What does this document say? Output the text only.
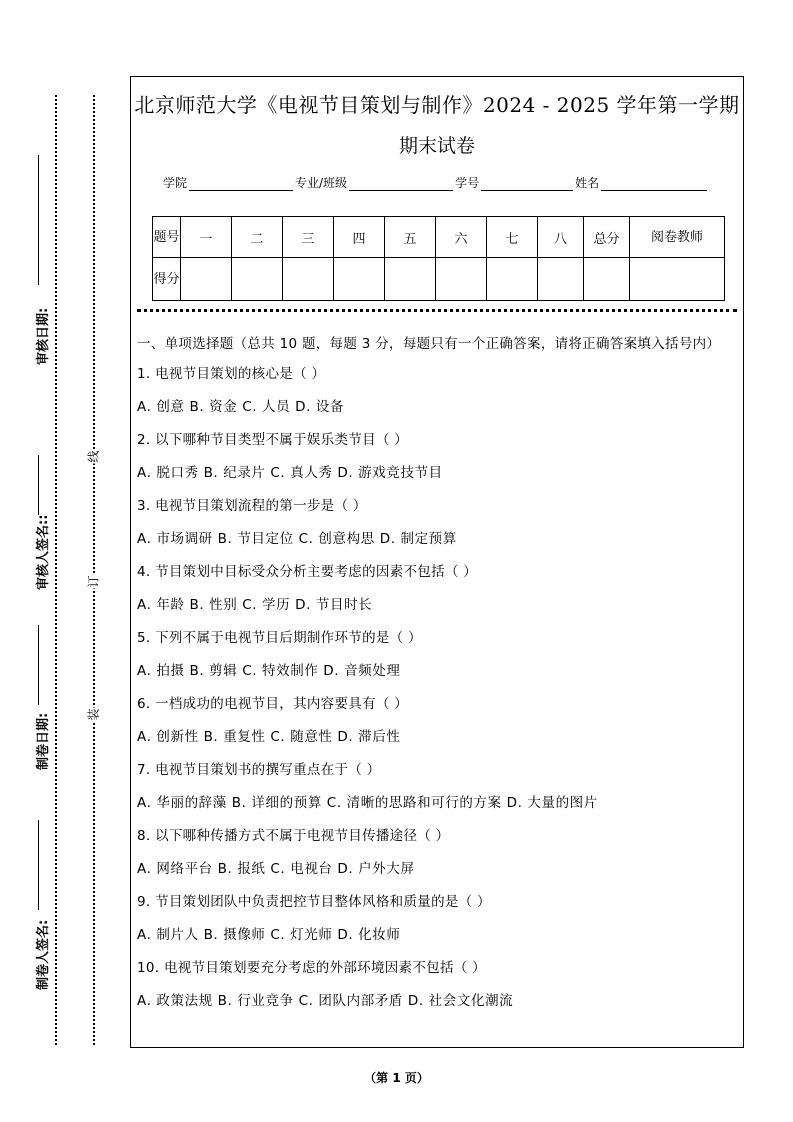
审核日期:
审核人签名::
制卷日期:
制卷人签名:
线
订
装
北京师范大学《电视节目策划与制作》2024 - 2025 学年第一学期
期末试卷
学院	专业/班级	学号	姓名
题号	一	二	三	四	五	六	七	八	总分	阅卷教师
得分										
一、单项选择题（总共 10 题，每题 3 分，每题只有一个正确答案，请将正确答案填入括号内）
1. 电视节目策划的核心是（ ）
A. 创意 B. 资金 C. 人员 D. 设备
2. 以下哪种节目类型不属于娱乐类节目（ ）
A. 脱口秀 B. 纪录片 C. 真人秀 D. 游戏竞技节目
3. 电视节目策划流程的第一步是（ ）
A. 市场调研 B. 节目定位 C. 创意构思 D. 制定预算
4. 节目策划中目标受众分析主要考虑的因素不包括（ ）
A. 年龄 B. 性别 C. 学历 D. 节目时长
5. 下列不属于电视节目后期制作环节的是（ ）
A. 拍摄 B. 剪辑 C. 特效制作 D. 音频处理
6. 一档成功的电视节目，其内容要具有（ ）
A. 创新性 B. 重复性 C. 随意性 D. 滞后性
7. 电视节目策划书的撰写重点在于（ ）
A. 华丽的辞藻 B. 详细的预算 C. 清晰的思路和可行的方案 D. 大量的图片
8. 以下哪种传播方式不属于电视节目传播途径（ ）
A. 网络平台 B. 报纸 C. 电视台 D. 户外大屏
9. 节目策划团队中负责把控节目整体风格和质量的是（ ）
A. 制片人 B. 摄像师 C. 灯光师 D. 化妆师
10. 电视节目策划要充分考虑的外部环境因素不包括（ ）
A. 政策法规 B. 行业竞争 C. 团队内部矛盾 D. 社会文化潮流
（第 1 页）
